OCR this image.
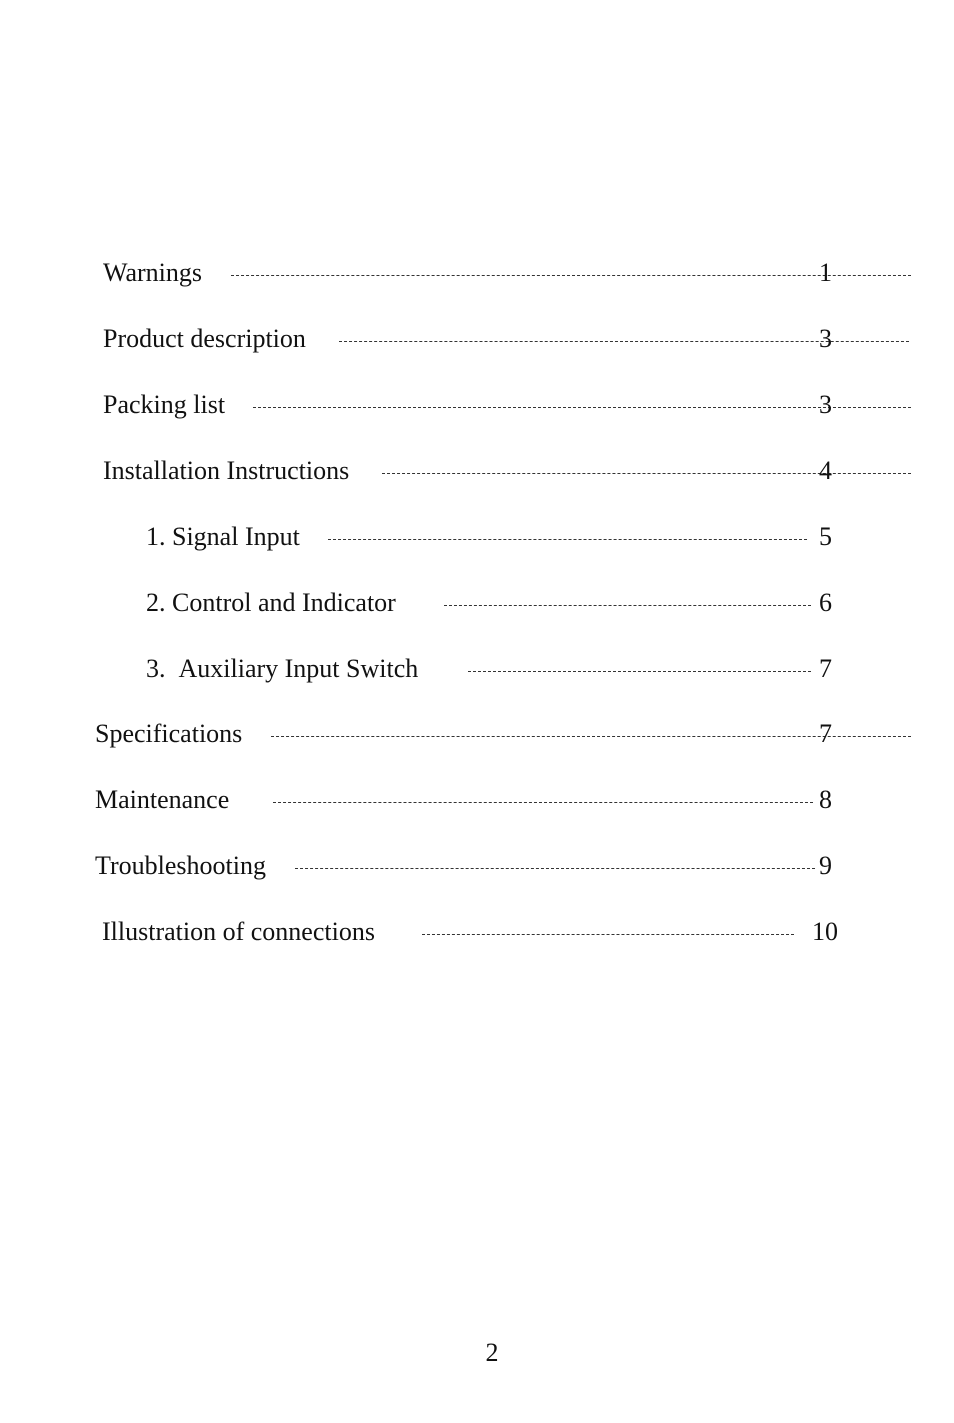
Warnings	1
Product description	3
Packing list	3
Installation Instructions	4
1. Signal Input	5
2. Control and Indicator	6
3.  Auxiliary Input Switch	7
Specifications	7
Maintenance	8
Troubleshooting	9
Illustration of connections	10
2
